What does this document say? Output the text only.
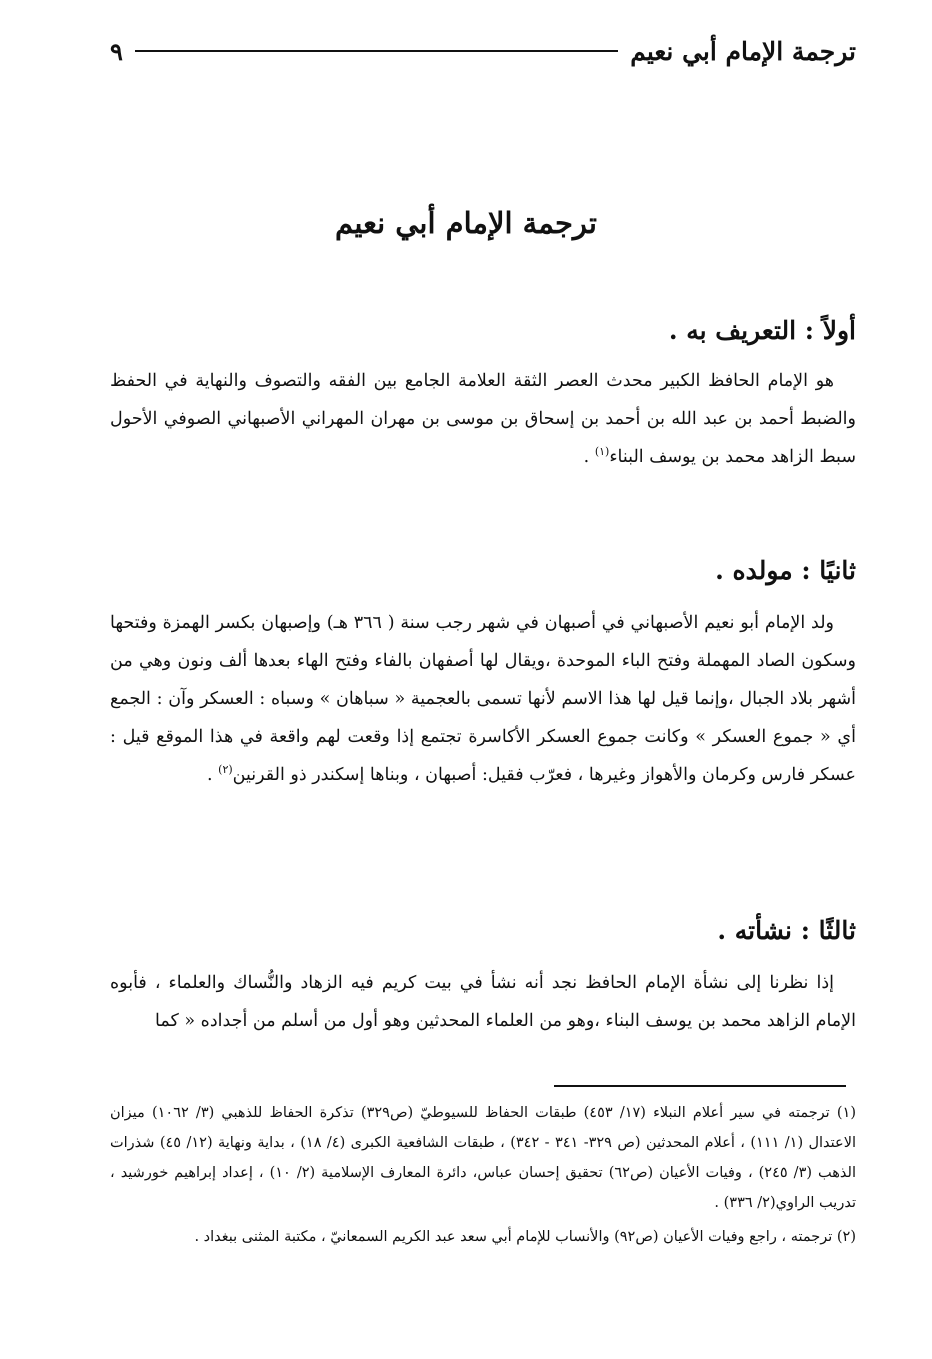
ترجمة الإمام أبي نعيم
٩
ترجمة الإمام أبي نعيم
أولاً : التعريف به .

هو الإمام الحافظ الكبير محدث العصر الثقة العلامة الجامع بين الفقه والتصوف والنهاية في الحفظ والضبط أحمد بن عبد الله بن أحمد بن إسحاق بن موسى بن مهران المهراني الأصبهاني الصوفي الأحول سبط الزاهد محمد بن يوسف البناء$^{(١)}$ .

ثانيًا : مولده .

ولد الإمام أبو نعيم الأصبهاني في أصبهان في شهر رجب سنة ( ٣٦٦ هـ) وإصبهان بكسر الهمزة وفتحها وسكون الصاد المهملة وفتح الباء الموحدة ،ويقال لها أصفهان بالفاء وفتح الهاء بعدها ألف ونون وهي من أشهر بلاد الجبال ،وإنما قيل لها هذا الاسم لأنها تسمى بالعجمية « سباهان » وسباه : العسكر وآن : الجمع أي « جموع العسكر » وكانت جموع العسكر الأكاسرة تجتمع إذا وقعت لهم واقعة في هذا الموقع قيل : عسكر فارس وكرمان والأهواز وغيرها ، فعرّب فقيل: أصبهان ، وبناها إسكندر ذو القرنين$^{(٢)}$ .

ثالثًا : نشأته .

إذا نظرنا إلى نشأة الإمام الحافظ نجد أنه نشأ في بيت كريم فيه الزهاد والنُّساك والعلماء ، فأبوه الإمام الزاهد محمد بن يوسف البناء ،وهو من العلماء المحدثين وهو أول من أسلم من أجداده « كما

(١) ترجمته في سير أعلام النبلاء (١٧/ ٤٥٣) طبقات الحفاظ للسيوطيّ (ص٣٢٩) تذكرة الحفاظ للذهبي (٣/ ١٠٦٢) ميزان الاعتدال (١/ ١١١) ، أعلام المحدثين (ص ٣٢٩- ٣٤١ - ٣٤٢) ، طبقات الشافعية الكبرى (٤/ ١٨) ، بداية ونهاية (١٢/ ٤٥) شذرات الذهب (٣/ ٢٤٥) ، وفيات الأعيان (ص٦٢) تحقيق إحسان عباس، دائرة المعارف الإسلامية (٢/ ١٠) ، إعداد إبراهيم خورشيد ، تدريب الراوي(٢/ ٣٣٦) .

(٢) ترجمته ، راجع وفيات الأعيان (ص٩٢) والأنساب للإمام أبي سعد عبد الكريم السمعانيّ ، مكتبة المثنى ببغداد .
